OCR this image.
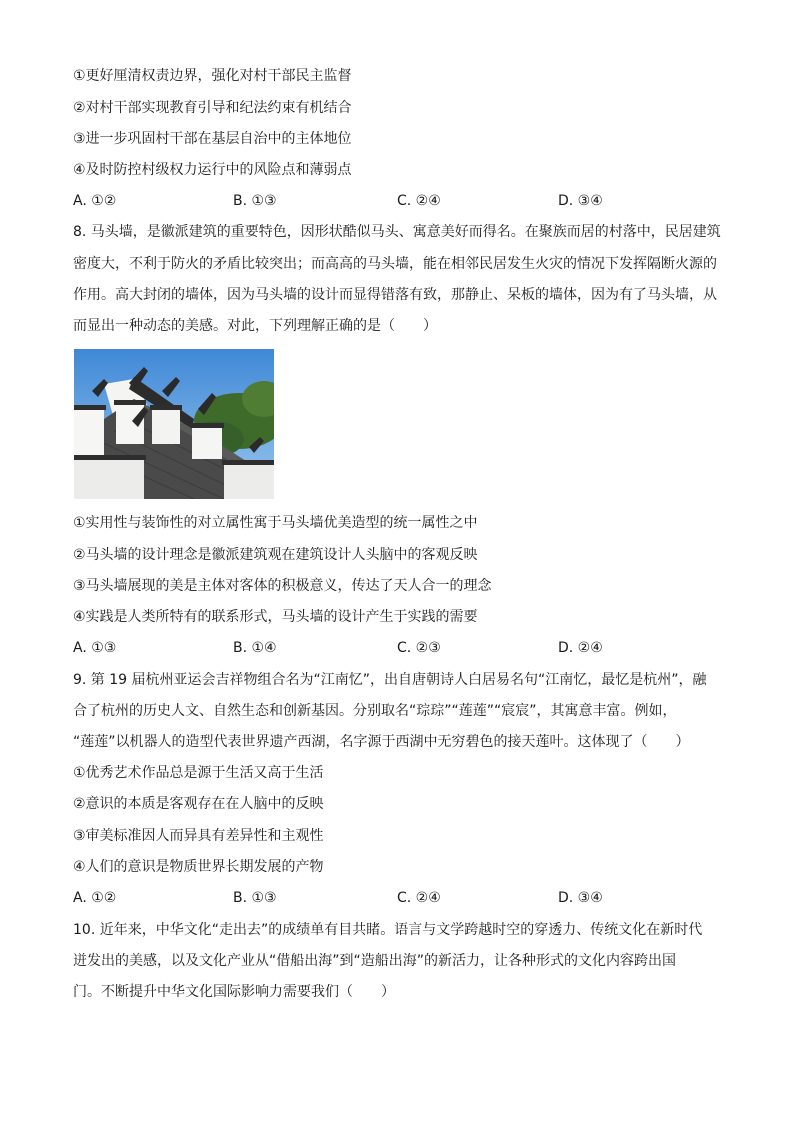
①更好厘清权责边界，强化对村干部民主监督
②对村干部实现教育引导和纪法约束有机结合
③进一步巩固村干部在基层自治中的主体地位
④及时防控村级权力运行中的风险点和薄弱点
A. ①②	B. ①③	C. ②④	D. ③④
8. 马头墙，是徽派建筑的重要特色，因形状酷似马头、寓意美好而得名。在聚族而居的村落中，民居建筑
密度大，不利于防火的矛盾比较突出；而高高的马头墙，能在相邻民居发生火灾的情况下发挥隔断火源的
作用。高大封闭的墙体，因为马头墙的设计而显得错落有致，那静止、呆板的墙体，因为有了马头墙，从
而显出一种动态的美感。对此，下列理解正确的是（　　）
①实用性与装饰性的对立属性寓于马头墙优美造型的统一属性之中
②马头墙的设计理念是徽派建筑观在建筑设计人头脑中的客观反映
③马头墙展现的美是主体对客体的积极意义，传达了天人合一的理念
④实践是人类所特有的联系形式，马头墙的设计产生于实践的需要
A. ①③	B. ①④	C. ②③	D. ②④
9. 第 19 届杭州亚运会吉祥物组合名为“江南忆”，出自唐朝诗人白居易名句“江南忆，最忆是杭州”，融
合了杭州的历史人文、自然生态和创新基因。分别取名“琮琮”“莲莲”“宸宸”，其寓意丰富。例如，
“莲莲”以机器人的造型代表世界遗产西湖，名字源于西湖中无穷碧色的接天莲叶。这体现了（　　）
①优秀艺术作品总是源于生活又高于生活
②意识的本质是客观存在在人脑中的反映
③审美标准因人而异具有差异性和主观性
④人们的意识是物质世界长期发展的产物
A. ①②	B. ①③	C. ②④	D. ③④
10. 近年来，中华文化“走出去”的成绩单有目共睹。语言与文学跨越时空的穿透力、传统文化在新时代
迸发出的美感，以及文化产业从“借船出海”到“造船出海”的新活力，让各种形式的文化内容跨出国
门。不断提升中华文化国际影响力需要我们（　　）
